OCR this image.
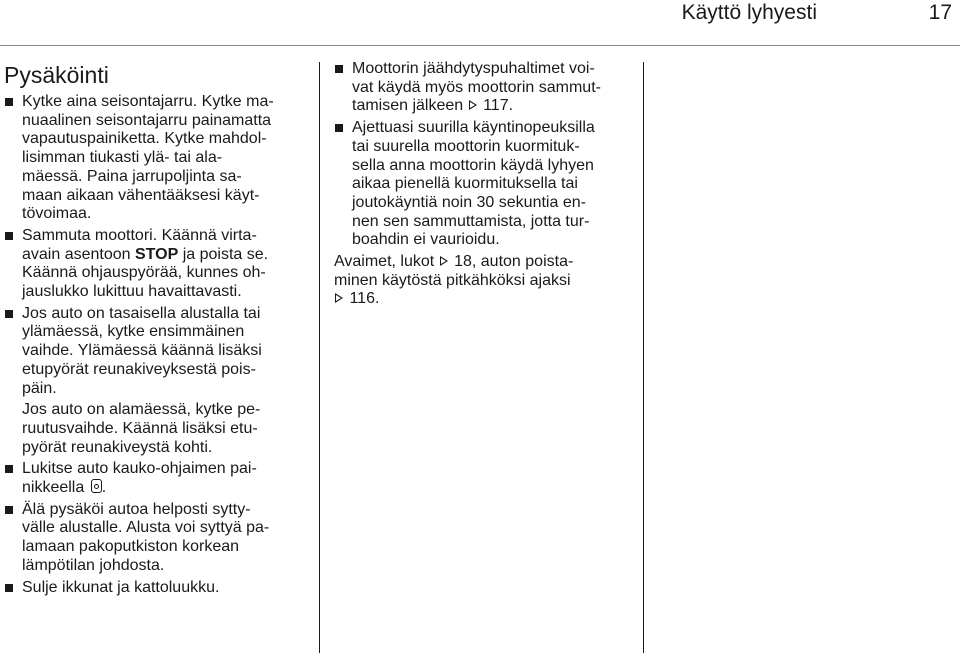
Käyttö lyhyesti	17
Pysäköinti
Kytke aina seisontajarru. Kytke ma-
nuaalinen seisontajarru painamatta
vapautuspainiketta. Kytke mahdol-
lisimman tiukasti ylä- tai ala-
mäessä. Paina jarrupoljinta sa-
maan aikaan vähentääksesi käyt-
tövoimaa.
Sammuta moottori. Käännä virta-
avain asentoon STOP ja poista se.
Käännä ohjauspyörää, kunnes oh-
jauslukko lukittuu havaittavasti.
Jos auto on tasaisella alustalla tai
ylämäessä, kytke ensimmäinen
vaihde. Ylämäessä käännä lisäksi
etupyörät reunakiveyksestä pois-
päin.
Jos auto on alamäessä, kytke pe-
ruutusvaihde. Käännä lisäksi etu-
pyörät reunakiveystä kohti.
Lukitse auto kauko-ohjaimen pai-
nikkeella .
Älä pysäköi autoa helposti sytty-
välle alustalle. Alusta voi syttyä pa-
lamaan pakoputkiston korkean
lämpötilan johdosta.
Sulje ikkunat ja kattoluukku.
Moottorin jäähdytyspuhaltimet voi-
vat käydä myös moottorin sammut-
tamisen jälkeen  117.
Ajettuasi suurilla käyntinopeuksilla
tai suurella moottorin kuormituk-
sella anna moottorin käydä lyhyen
aikaa pienellä kuormituksella tai
joutokäyntiä noin 30 sekuntia en-
nen sen sammuttamista, jotta tur-
boahdin ei vaurioidu.
Avaimet, lukot  18, auton poista-
minen käytöstä pitkähköksi ajaksi
116.
